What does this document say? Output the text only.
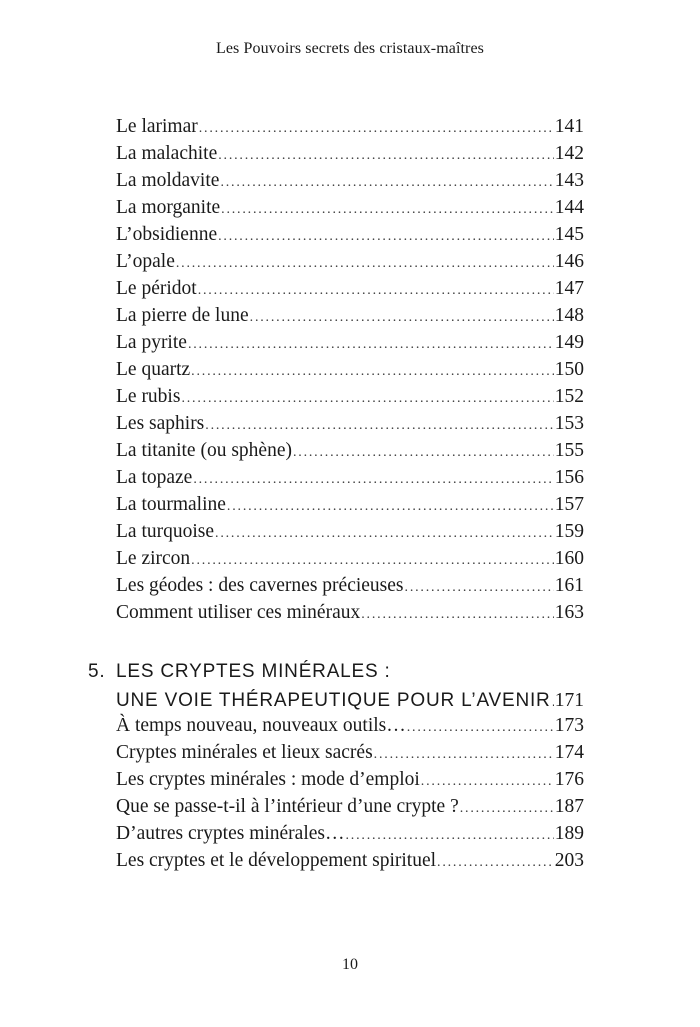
Les Pouvoirs secrets des cristaux-maîtres
Le larimar .....	141
La malachite .....	142
La moldavite .....	143
La morganite .....	144
L’obsidienne .....	145
L’opale .....	146
Le péridot .....	147
La pierre de lune .....	148
La pyrite .....	149
Le quartz .....	150
Le rubis .....	152
Les saphirs .....	153
La titanite (ou sphène) .....	155
La topaze .....	156
La tourmaline .....	157
La turquoise .....	159
Le zircon .....	160
Les géodes : des cavernes précieuses .....	161
Comment utiliser ces minéraux .....	163
5. LES CRYPTES MINÉRALES :
UNE VOIE THÉRAPEUTIQUE POUR L’AVENIR ..... 171
À temps nouveau, nouveaux outils… .....	173
Cryptes minérales et lieux sacrés .....	174
Les cryptes minérales : mode d’emploi .....	176
Que se passe-t-il à l’intérieur d’une crypte ? .....	187
D’autres cryptes minérales… .....	189
Les cryptes et le développement spirituel .....	203
10
